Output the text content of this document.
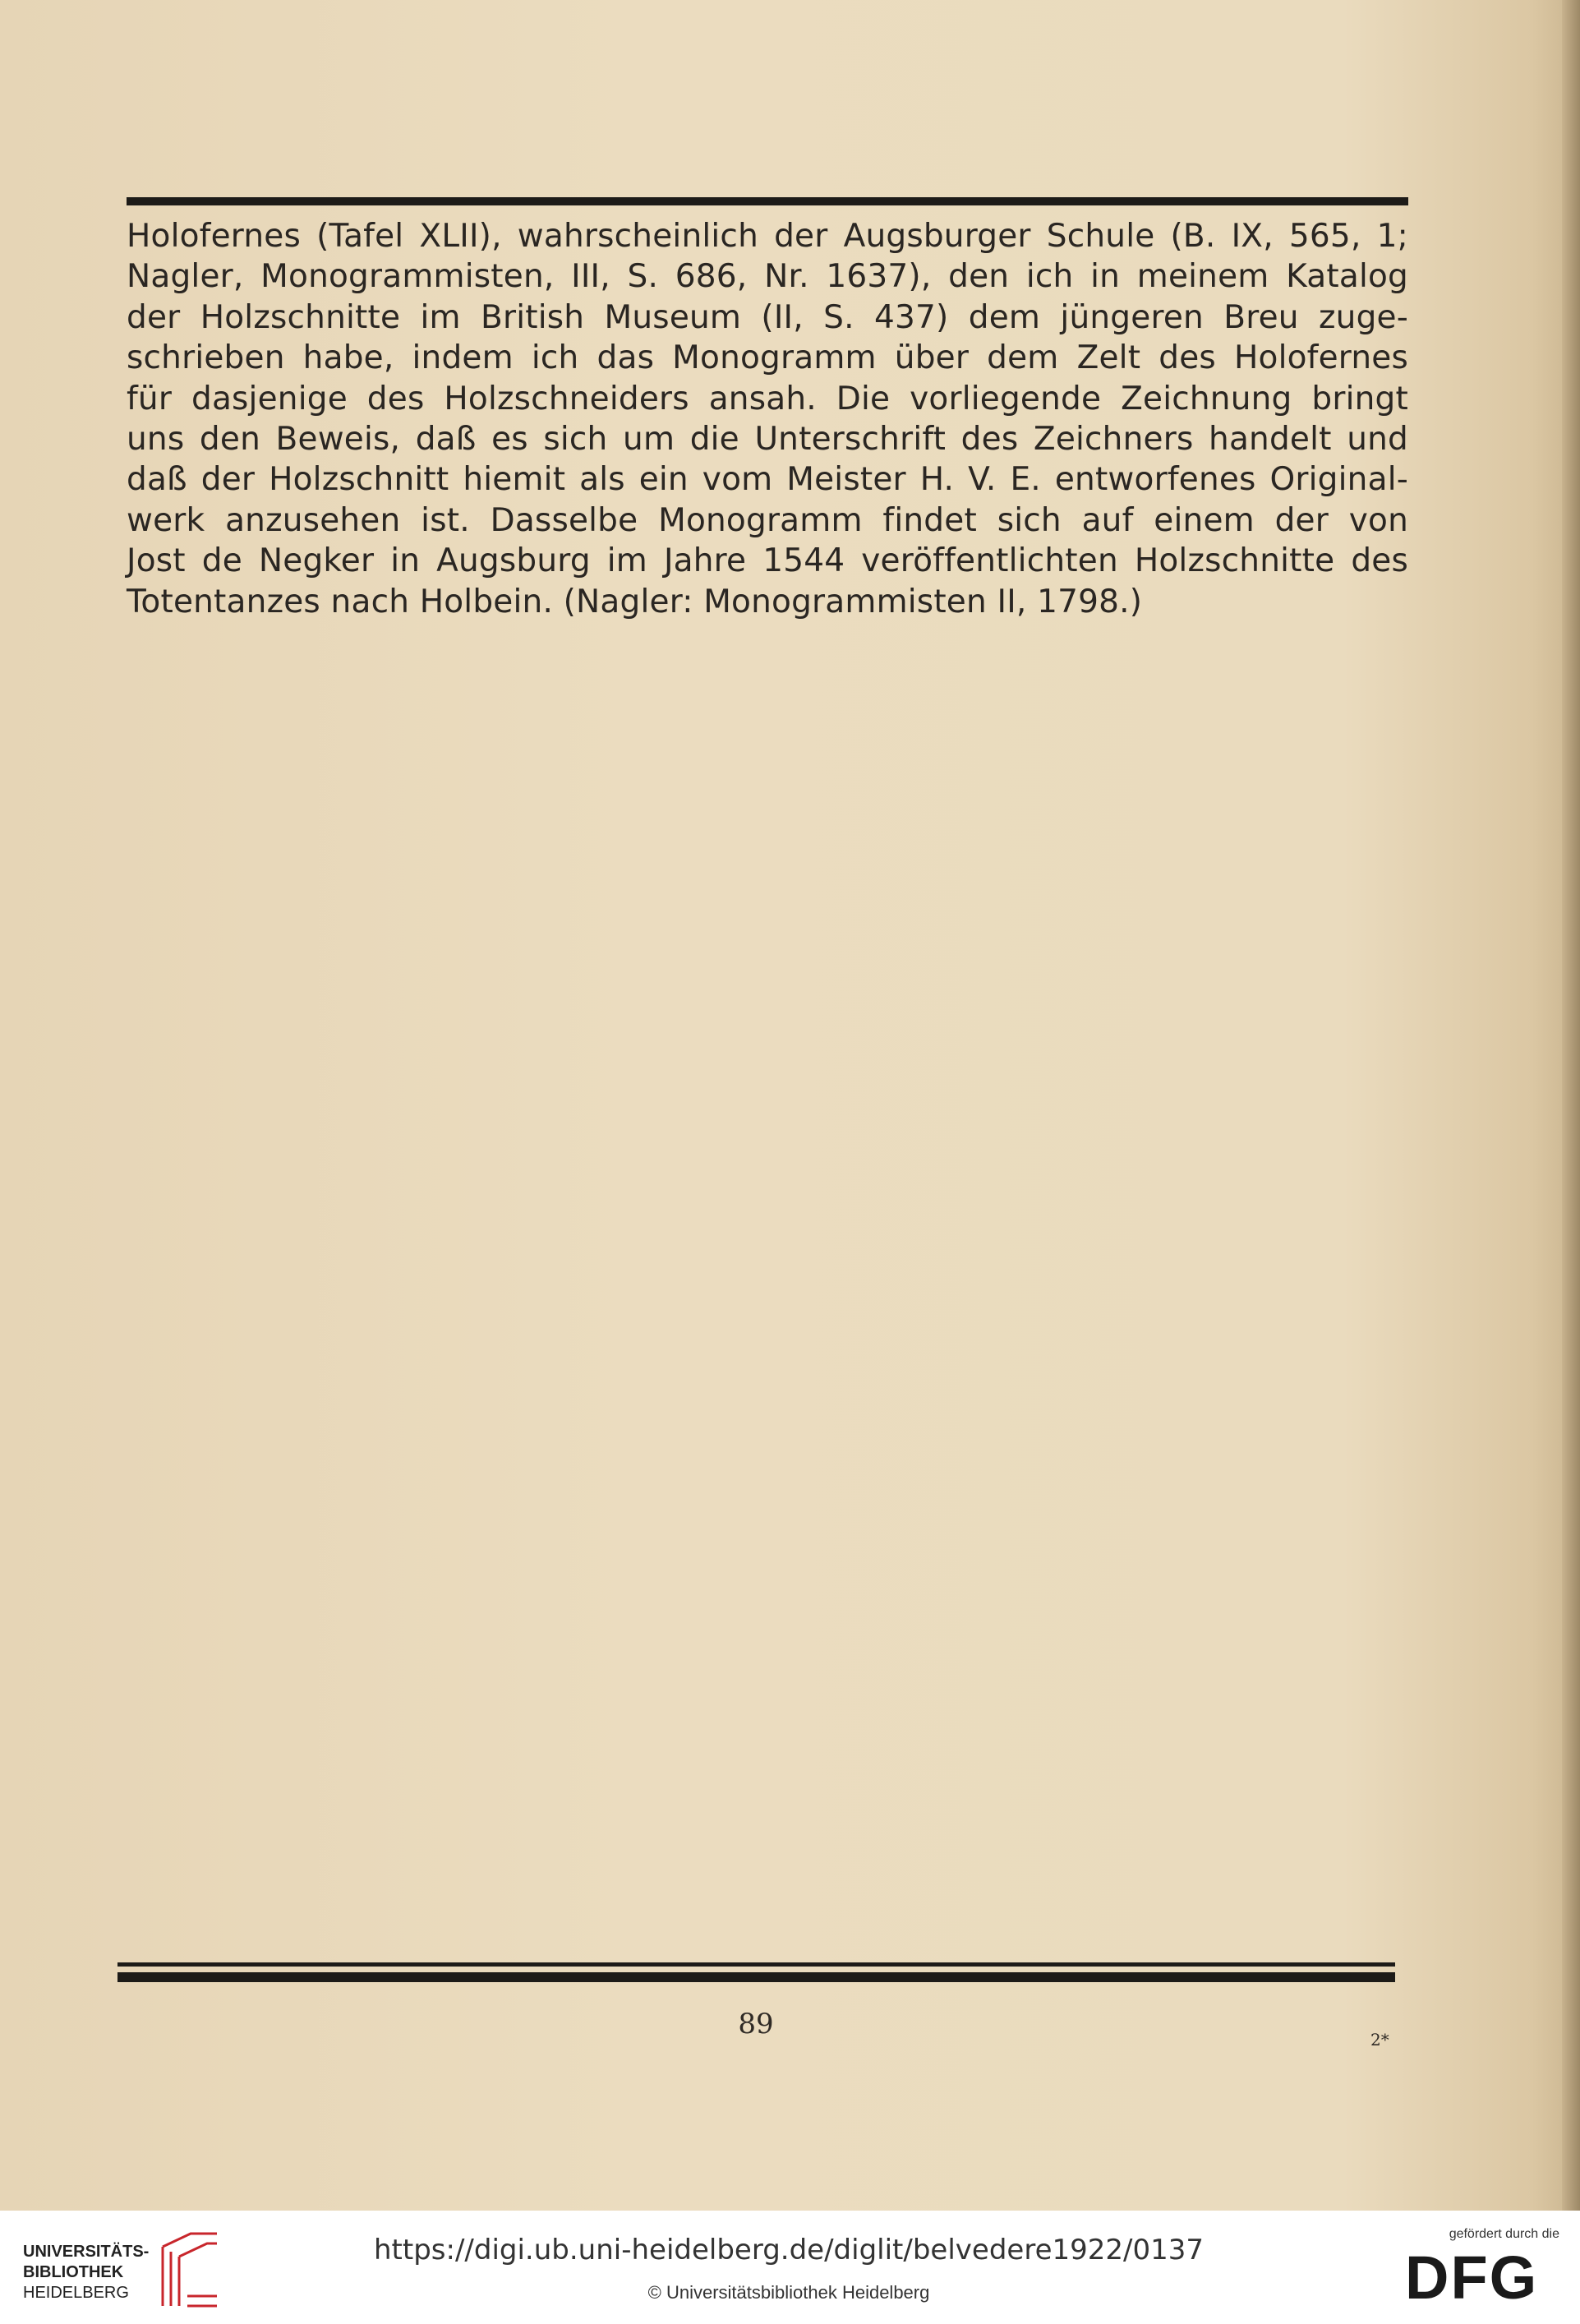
Holofernes (Tafel XLII), wahrscheinlich der Augsburger Schule (B. IX, 565, 1;
Nagler, Monogrammisten, III, S. 686, Nr. 1637), den ich in meinem Katalog
der Holzschnitte im British Museum (II, S. 437) dem jüngeren Breu zuge-
schrieben habe, indem ich das Monogramm über dem Zelt des Holofernes
für dasjenige des Holzschneiders ansah. Die vorliegende Zeichnung bringt
uns den Beweis, daß es sich um die Unterschrift des Zeichners handelt und
daß der Holzschnitt hiemit als ein vom Meister H. V. E. entworfenes Original-
werk anzusehen ist. Dasselbe Monogramm findet sich auf einem der von
Jost de Negker in Augsburg im Jahre 1544 veröffentlichten Holzschnitte des
Totentanzes nach Holbein. (Nagler: Monogrammisten II, 1798.)
89	2*
UNIVERSITÄTS-
BIBLIOTHEK
HEIDELBERG
https://digi.ub.uni-heidelberg.de/diglit/belvedere1922/0137
© Universitätsbibliothek Heidelberg
gefördert durch die
DFG
